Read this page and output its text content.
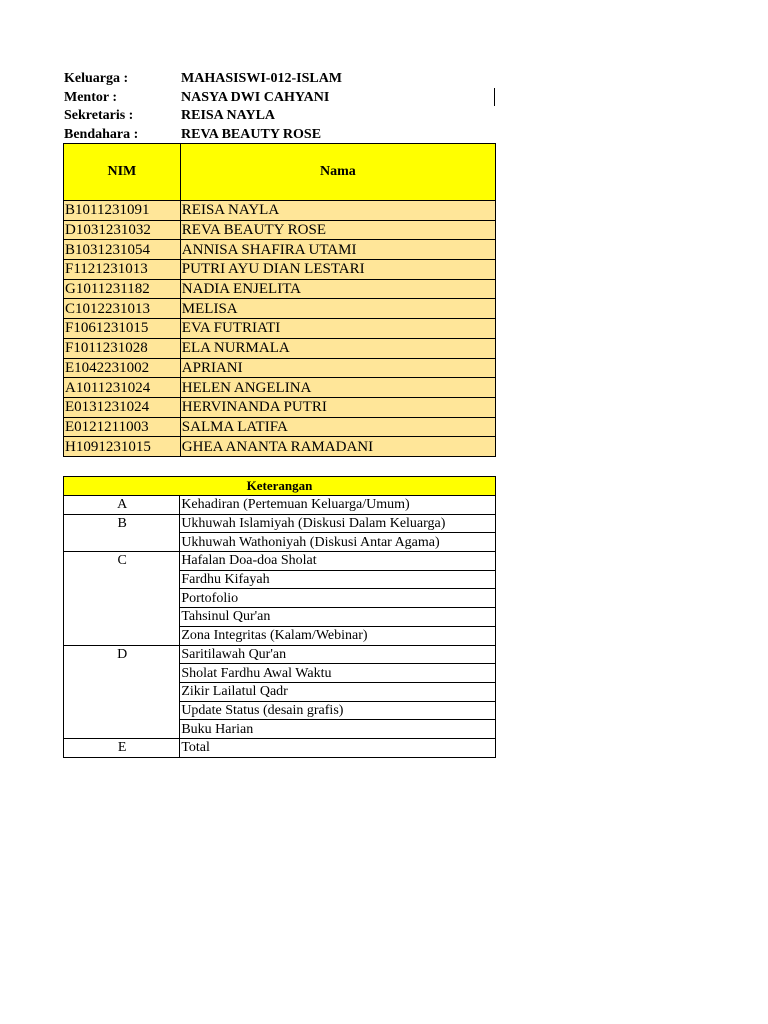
Keluarga :	MAHASISWI-012-ISLAM
Mentor :	NASYA DWI CAHYANI
Sekretaris :	REISA NAYLA
Bendahara :	REVA BEAUTY ROSE
NIM	Nama
B1011231091	REISA NAYLA
D1031231032	REVA BEAUTY ROSE
B1031231054	ANNISA SHAFIRA UTAMI
F1121231013	PUTRI AYU DIAN LESTARI
G1011231182	NADIA ENJELITA
C1012231013	MELISA
F1061231015	EVA FUTRIATI
F1011231028	ELA NURMALA
E1042231002	APRIANI
A1011231024	HELEN ANGELINA
E0131231024	HERVINANDA PUTRI
E0121211003	SALMA LATIFA
H1091231015	GHEA ANANTA RAMADANI
Keterangan	
A	Kehadiran (Pertemuan Keluarga/Umum)
B	Ukhuwah Islamiyah (Diskusi Dalam Keluarga)
	Ukhuwah Wathoniyah (Diskusi Antar Agama)
C	Hafalan Doa-doa Sholat
	Fardhu Kifayah
	Portofolio
	Tahsinul Qur'an
	Zona Integritas (Kalam/Webinar)
D	Saritilawah Qur'an
	Sholat Fardhu Awal Waktu
	Zikir Lailatul Qadr
	Update Status (desain grafis)
	Buku Harian
E	Total
